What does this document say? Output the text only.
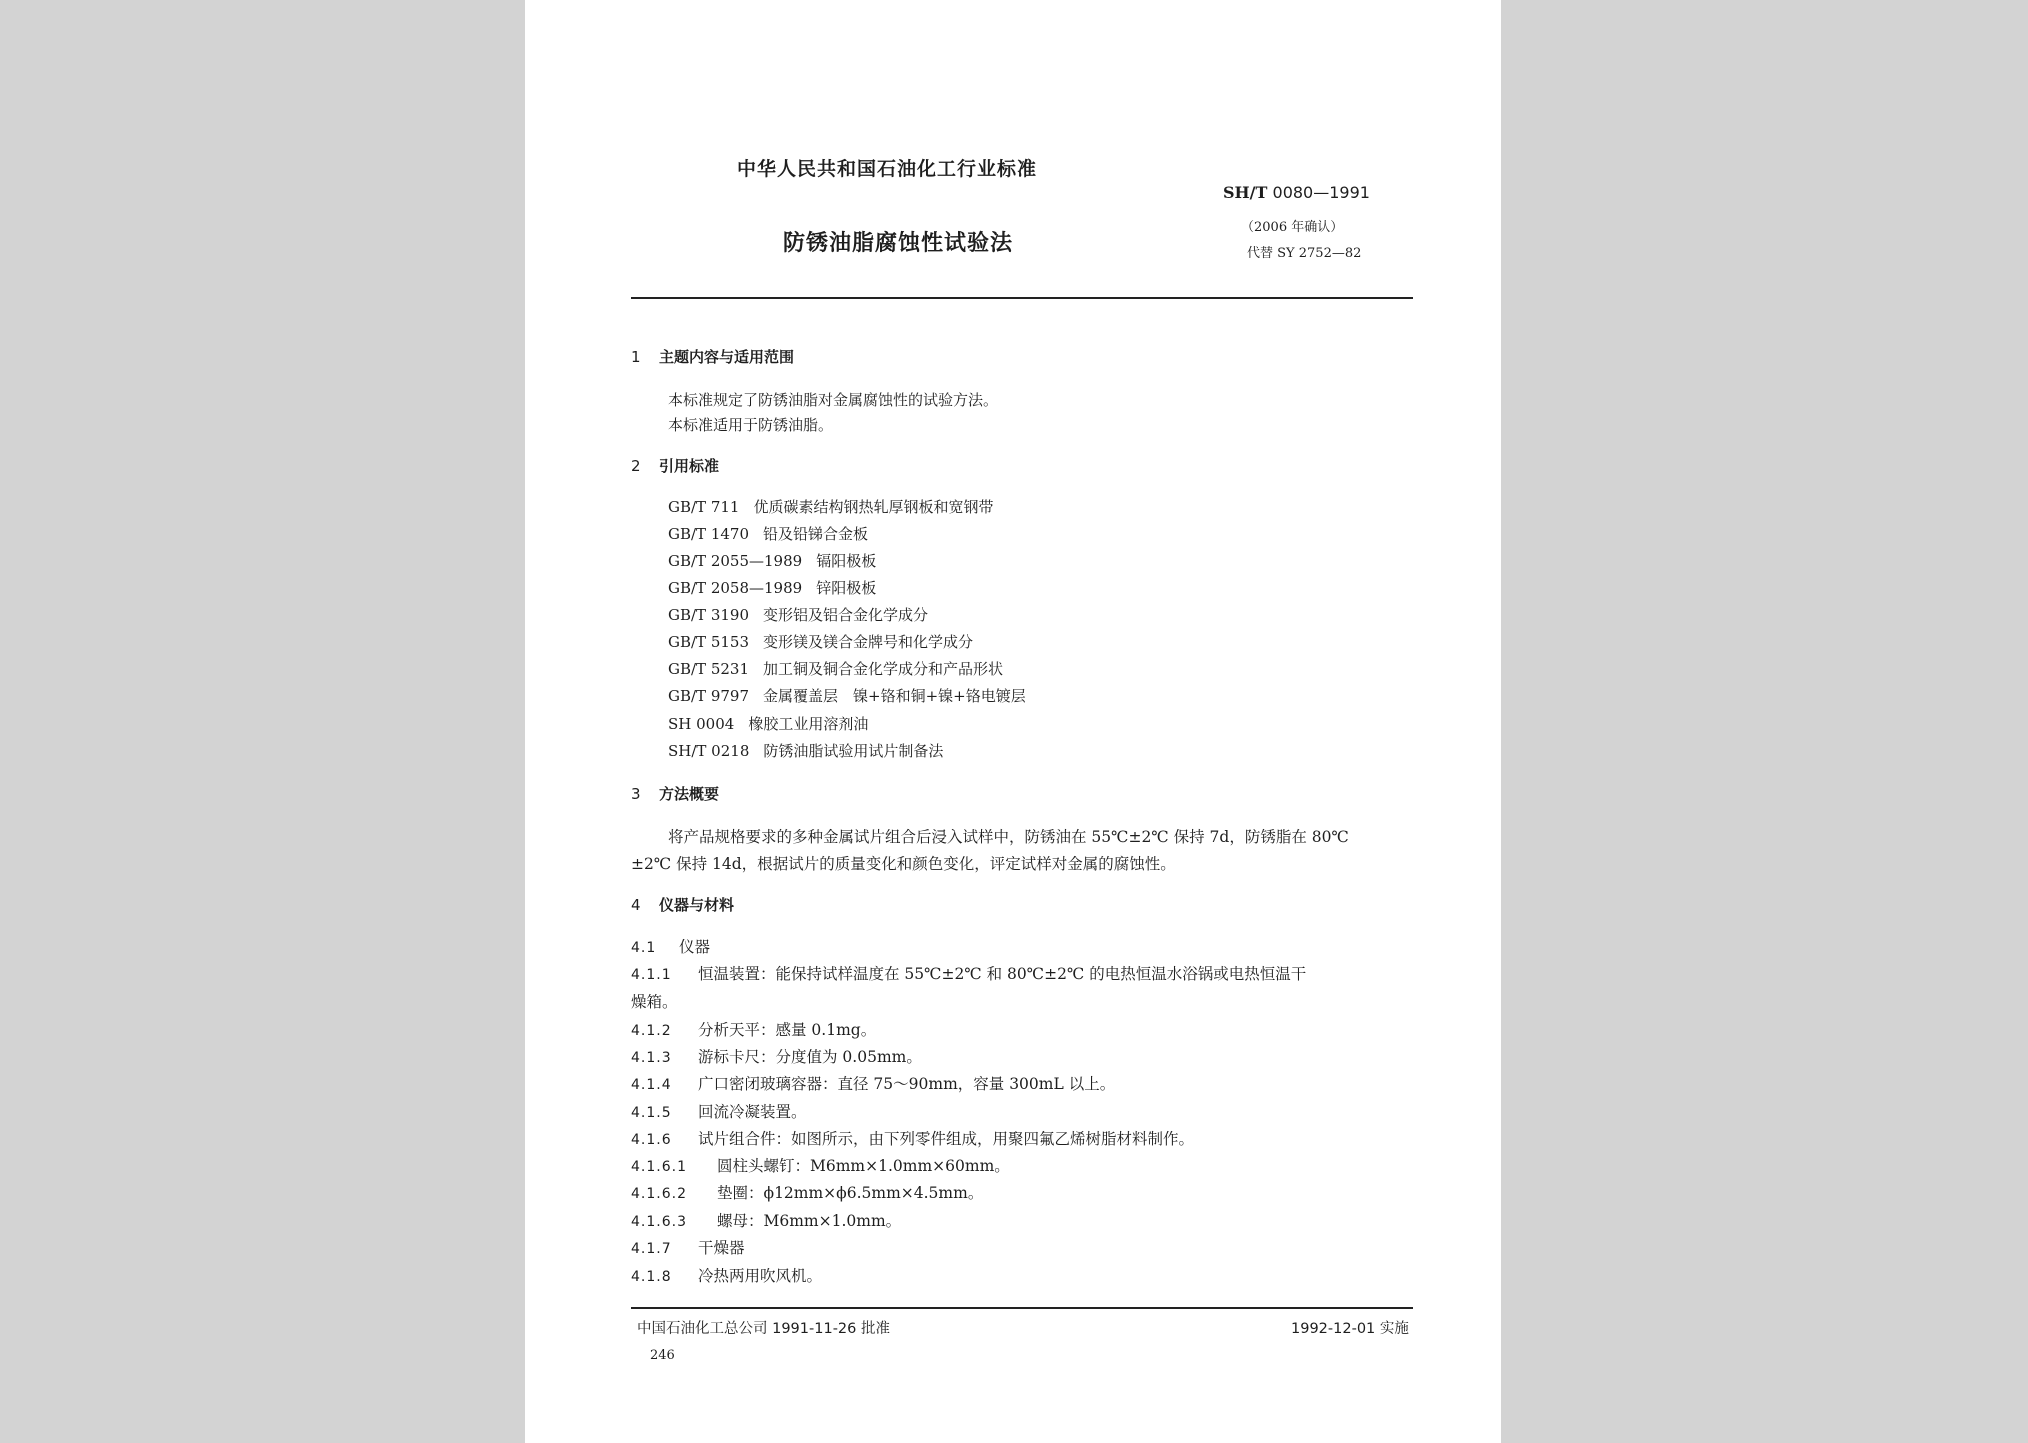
中华人民共和国石油化工行业标准
防锈油脂腐蚀性试验法
SH/T 0080—1991
（2006 年确认）
代替 SY 2752—82
1 主题内容与适用范围
本标准规定了防锈油脂对金属腐蚀性的试验方法。
本标准适用于防锈油脂。
2 引用标准
GB/T 711 优质碳素结构钢热轧厚钢板和宽钢带
GB/T 1470 铅及铅锑合金板
GB/T 2055—1989 镉阳极板
GB/T 2058—1989 锌阳极板
GB/T 3190 变形铝及铝合金化学成分
GB/T 5153 变形镁及镁合金牌号和化学成分
GB/T 5231 加工铜及铜合金化学成分和产品形状
GB/T 9797 金属覆盖层　镍+铬和铜+镍+铬电镀层
SH 0004 橡胶工业用溶剂油
SH/T 0218 防锈油脂试验用试片制备法
3 方法概要
将产品规格要求的多种金属试片组合后浸入试样中，防锈油在 55℃±2℃ 保持 7d，防锈脂在 80℃
±2℃ 保持 14d，根据试片的质量变化和颜色变化，评定试样对金属的腐蚀性。
4 仪器与材料
4.1 仪器
4.1.1 恒温装置：能保持试样温度在 55℃±2℃ 和 80℃±2℃ 的电热恒温水浴锅或电热恒温干
燥箱。
4.1.2 分析天平：感量 0.1mg。
4.1.3 游标卡尺：分度值为 0.05mm。
4.1.4 广口密闭玻璃容器：直径 75～90mm，容量 300mL 以上。
4.1.5 回流冷凝装置。
4.1.6 试片组合件：如图所示，由下列零件组成，用聚四氟乙烯树脂材料制作。
4.1.6.1 圆柱头螺钉：M6mm×1.0mm×60mm。
4.1.6.2 垫圈：ϕ12mm×ϕ6.5mm×4.5mm。
4.1.6.3 螺母：M6mm×1.0mm。
4.1.7 干燥器
4.1.8 冷热两用吹风机。
中国石油化工总公司 1991-11-26 批准	1992-12-01 实施
246
